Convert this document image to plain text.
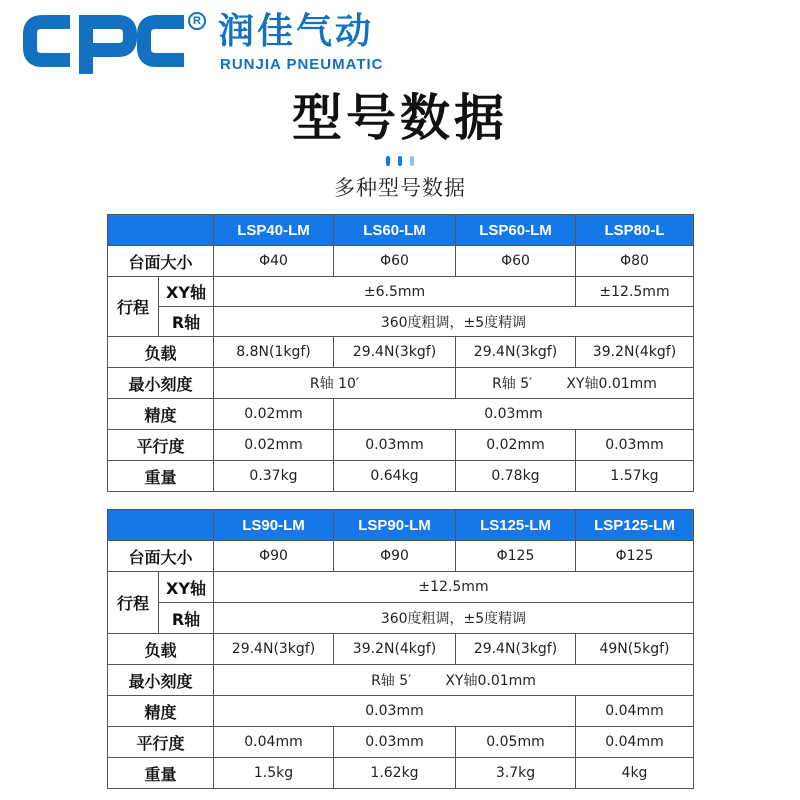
R 润佳气动
RUNJIA PNEUMATIC
型号数据
多种型号数据
		LSP40-LM	LS60-LM	LSP60-LM	LSP80-L
台面大小		Φ40	Φ60	Φ60	Φ80
行程	XY轴	±6.5mm			±12.5mm
	R轴	360度粗调，±5度精调			
负载		8.8N(1kgf)	29.4N(3kgf)	29.4N(3kgf)	39.2N(4kgf)
最小刻度		R轴 10′		R轴 5′ XY轴0.01mm	
精度		0.02mm	0.03mm		
平行度		0.02mm	0.03mm	0.02mm	0.03mm
重量		0.37kg	0.64kg	0.78kg	1.57kg
		LS90-LM	LSP90-LM	LS125-LM	LSP125-LM
台面大小		Φ90	Φ90	Φ125	Φ125
行程	XY轴	±12.5mm			
	R轴	360度粗调，±5度精调			
负载		29.4N(3kgf)	39.2N(4kgf)	29.4N(3kgf)	49N(5kgf)
最小刻度		R轴 5′ XY轴0.01mm			
精度		0.03mm			0.04mm
平行度		0.04mm	0.03mm	0.05mm	0.04mm
重量		1.5kg	1.62kg	3.7kg	4kg
